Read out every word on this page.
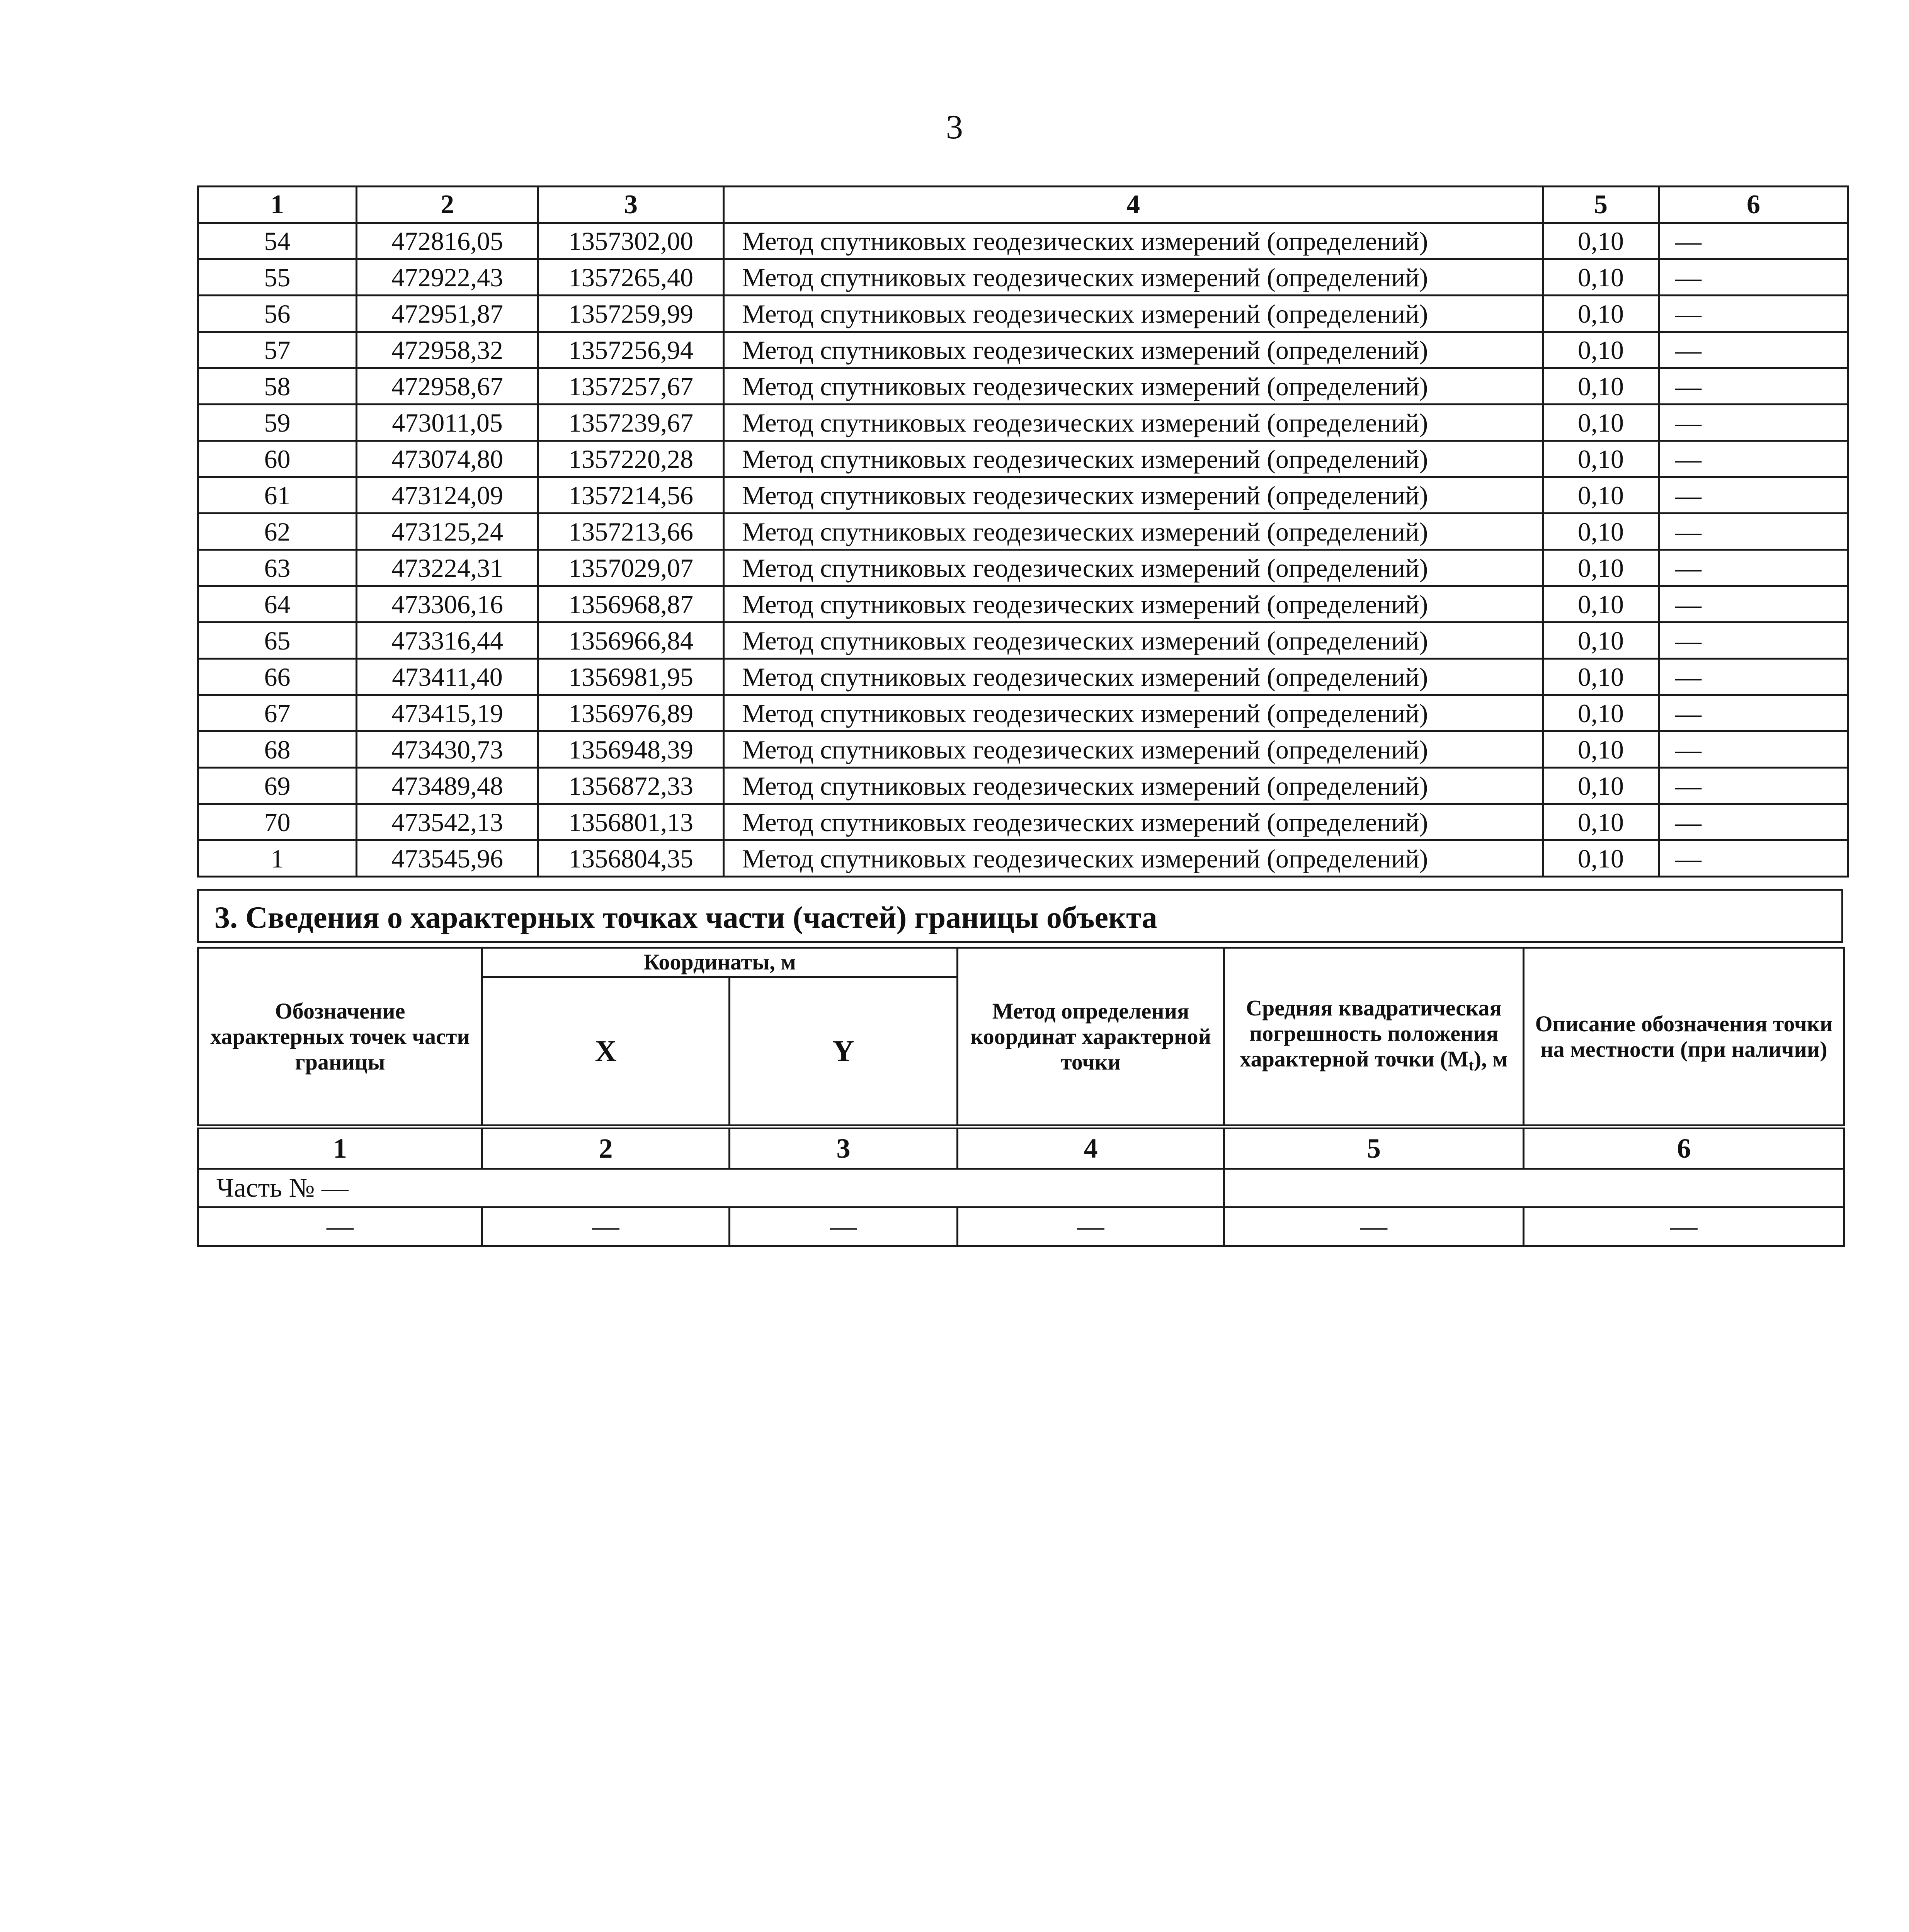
3
1	2	3	4	5	6
54	472816,05	1357302,00	Метод спутниковых геодезических измерений (определений)	0,10	—
55	472922,43	1357265,40	Метод спутниковых геодезических измерений (определений)	0,10	—
56	472951,87	1357259,99	Метод спутниковых геодезических измерений (определений)	0,10	—
57	472958,32	1357256,94	Метод спутниковых геодезических измерений (определений)	0,10	—
58	472958,67	1357257,67	Метод спутниковых геодезических измерений (определений)	0,10	—
59	473011,05	1357239,67	Метод спутниковых геодезических измерений (определений)	0,10	—
60	473074,80	1357220,28	Метод спутниковых геодезических измерений (определений)	0,10	—
61	473124,09	1357214,56	Метод спутниковых геодезических измерений (определений)	0,10	—
62	473125,24	1357213,66	Метод спутниковых геодезических измерений (определений)	0,10	—
63	473224,31	1357029,07	Метод спутниковых геодезических измерений (определений)	0,10	—
64	473306,16	1356968,87	Метод спутниковых геодезических измерений (определений)	0,10	—
65	473316,44	1356966,84	Метод спутниковых геодезических измерений (определений)	0,10	—
66	473411,40	1356981,95	Метод спутниковых геодезических измерений (определений)	0,10	—
67	473415,19	1356976,89	Метод спутниковых геодезических измерений (определений)	0,10	—
68	473430,73	1356948,39	Метод спутниковых геодезических измерений (определений)	0,10	—
69	473489,48	1356872,33	Метод спутниковых геодезических измерений (определений)	0,10	—
70	473542,13	1356801,13	Метод спутниковых геодезических измерений (определений)	0,10	—
1	473545,96	1356804,35	Метод спутниковых геодезических измерений (определений)	0,10	—
3. Сведения о характерных точках части (частей) границы объекта
Обозначение характерных точек части границы	Координаты, м		Метод определения координат характерной точки	Средняя квадратическая погрешность положения характерной точки $(M_t)$, м	Описание обозначения точки на местности (при наличии)
	X	Y			
1	2	3	4	5	6
Часть № —					
—	—	—	—	—	—
